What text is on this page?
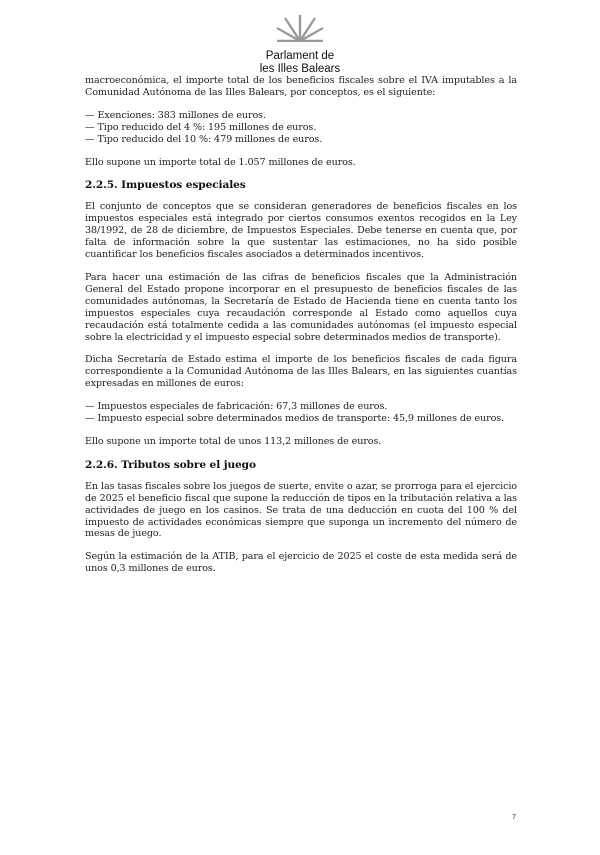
Parlament de
les Illes Balears

macroeconómica, el importe total de los beneficios fiscales sobre el IVA imputables a la Comunidad Autónoma de las Illes Balears, por conceptos, es el siguiente:

— Exenciones: 383 millones de euros.
— Tipo reducido del 4 %: 195 millones de euros.
— Tipo reducido del 10 %: 479 millones de euros.

Ello supone un importe total de 1.057 millones de euros.

2.2.5. Impuestos especiales

El conjunto de conceptos que se consideran generadores de beneficios fiscales en los impuestos especiales está integrado por ciertos consumos exentos recogidos en la Ley 38/1992, de 28 de diciembre, de Impuestos Especiales. Debe tenerse en cuenta que, por falta de información sobre la que sustentar las estimaciones, no ha sido posible cuantificar los beneficios fiscales asociados a determinados incentivos.

Para hacer una estimación de las cifras de beneficios fiscales que la Administración General del Estado propone incorporar en el presupuesto de beneficios fiscales de las comunidades autónomas, la Secretaría de Estado de Hacienda tiene en cuenta tanto los impuestos especiales cuya recaudación corresponde al Estado como aquellos cuya recaudación está totalmente cedida a las comunidades autónomas (el impuesto especial sobre la electricidad y el impuesto especial sobre determinados medios de transporte).

Dicha Secretaría de Estado estima el importe de los beneficios fiscales de cada figura correspondiente a la Comunidad Autónoma de las Illes Balears, en las siguientes cuantías expresadas en millones de euros:

— Impuestos especiales de fabricación: 67,3 millones de euros.
— Impuesto especial sobre determinados medios de transporte: 45,9 millones de euros.

Ello supone un importe total de unos 113,2 millones de euros.

2.2.6. Tributos sobre el juego

En las tasas fiscales sobre los juegos de suerte, envite o azar, se prorroga para el ejercicio de 2025 el beneficio fiscal que supone la reducción de tipos en la tributación relativa a las actividades de juego en los casinos. Se trata de una deducción en cuota del 100 % del impuesto de actividades económicas siempre que suponga un incremento del número de mesas de juego.

Según la estimación de la ATIB, para el ejercicio de 2025 el coste de esta medida será de unos 0,3 millones de euros.

7
